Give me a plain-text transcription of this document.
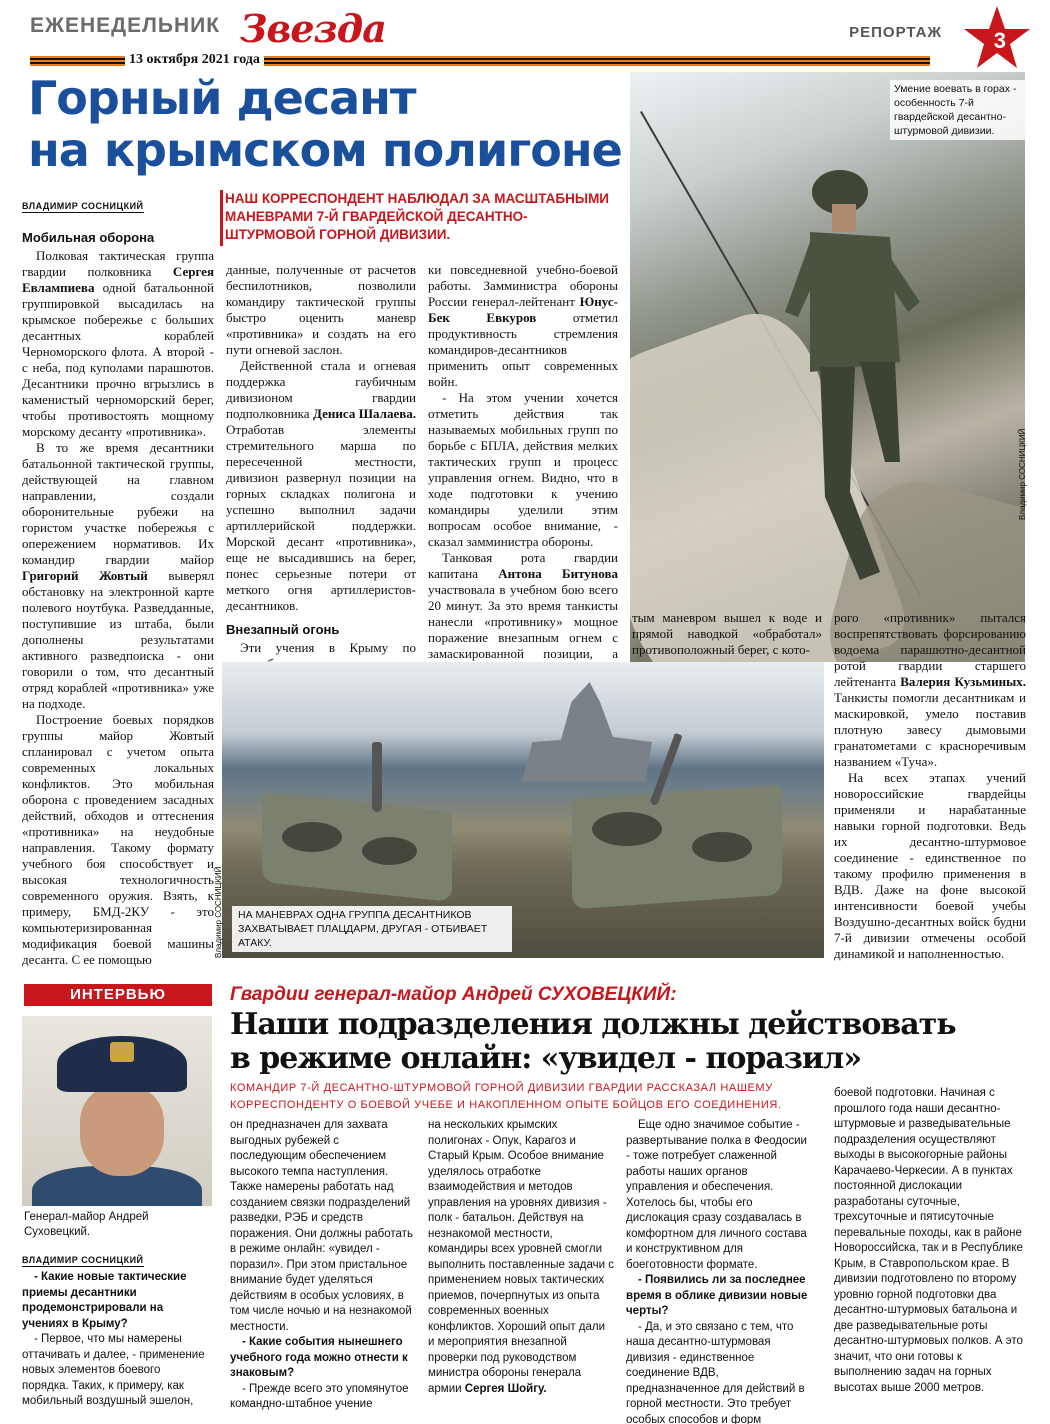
ЕЖЕНЕДЕЛЬНИК Звезда
13 октября 2021 года
РЕПОРТАЖ 3
Горный десант
на крымском полигоне
Умение воевать в горах - особенность 7-й гвардейской десантно-штурмовой дивизии.
Владимир СОСНИЦКИЙ
ВЛАДИМИР СОСНИЦКИЙ	НАШ КОРРЕСПОНДЕНТ НАБЛЮДАЛ ЗА МАСШТАБНЫМИ МАНЕВРАМИ 7-Й ГВАРДЕЙСКОЙ ДЕСАНТНО-ШТУРМОВОЙ ГОРНОЙ ДИВИЗИИ.

Мобильная оборона

Полковая тактическая группа гвардии полковника Сергея Евлампиева одной батальонной группировкой высадилась на крымское побережье с больших десантных кораблей Черноморского флота. А второй - с неба, под куполами парашютов. Десантники прочно вгрызлись в каменистый черноморский берег, чтобы противостоять мощному морскому десанту «противника».

В то же время десантники батальонной тактической группы, действующей на главном направлении, создали оборонительные рубежи на гористом участке побережья с опережением нормативов. Их командир гвардии майор Григорий Жовтый выверял обстановку на электронной карте полевого ноутбука. Разведданные, поступившие из штаба, были дополнены результатами активного разведпоиска - они говорили о том, что десантный отряд кораблей «противника» уже на подходе.

Построение боевых порядков группы майор Жовтый спланировал с учетом опыта современных локальных конфликтов. Это мобильная оборона с проведением засадных действий, обходов и оттеснения «противника» на неудобные направления. Такому формату учебного боя способствует и высокая технологичность современного оружия. Взять, к примеру, БМД-2КУ - это компьютеризированная модификация боевой машины десанта. С ее помощью

данные, полученные от расчетов беспилотников, позволили командиру тактической группы быстро оценить маневр «противника» и создать на его пути огневой заслон.

Действенной стала и огневая поддержка гаубичным дивизионом гвардии подполковника Дениса Шалаева. Отработав элементы стремительного марша по пересеченной местности, дивизион развернул позиции на горных складках полигона и успешно выполнил задачи артиллерийской поддержки. Морской десант «противника», еще не высадившись на берег, понес серьезные потери от меткого огня артиллеристов-десантников.

Внезапный огонь

Эти учения в Крыму по

ки повседневной учебно-боевой работы. Замминистра обороны России генерал-лейтенант Юнус-Бек Евкуров отметил продуктивность стремления командиров-десантников применить опыт современных войн.

- На этом учении хочется отметить действия так называемых мобильных групп по борьбе с БПЛА, действия мелких тактических групп и процесс управления огнем. Видно, что в ходе подготовки к учению командиры уделили этим вопросам особое внимание, - сказал замминистра обороны.

Танковая рота гвардии капитана Антона Битунова участвовала в учебном бою всего 20 минут. За это время танкисты нанесли «противнику» мощное поражение внезапным огнем с замаскированной позиции, а

тым маневром вышел к воде и прямой наводкой «обработал» противоположный берег, с кото-

рого «противник» пытался воспрепятствовать форсированию водоема парашютно-десантной ротой гвардии старшего лейтенанта Валерия Кузьминых. Танкисты помогли десантникам и маскировкой, умело поставив плотную завесу дымовыми гранатометами с красноречивым названием «Туча».

На всех этапах учений новороссийские гвардейцы применяли и нарабатанные навыки горной подготовки. Ведь их десантно-штурмовое соединение - единственное по такому профилю применения в ВДВ. Даже на фоне высокой интенсивности боевой учебы Воздушно-десантных войск будни 7-й дивизии отмечены особой динамикой и наполненностью.

НА МАНЕВРАХ ОДНА ГРУППА ДЕСАНТНИКОВ ЗАХВАТЫВАЕТ ПЛАЦДАРМ, ДРУГАЯ - ОТБИВАЕТ АТАКУ.
Владимир СОСНИЦКИЙ
ИНТЕРВЬЮ	Гвардии генерал-майор Андрей СУХОВЕЦКИЙ:
Наши подразделения должны действовать
в режиме онлайн: «увидел - поразил»
КОМАНДИР 7-Й ДЕСАНТНО-ШТУРМОВОЙ ГОРНОЙ ДИВИЗИИ ГВАРДИИ РАССКАЗАЛ НАШЕМУ КОРРЕСПОНДЕНТУ О БОЕВОЙ УЧЕБЕ И НАКОПЛЕННОМ ОПЫТЕ БОЙЦОВ ЕГО СОЕДИНЕНИЯ.
Генерал-майор Андрей Суховецкий.
ВЛАДИМИР СОСНИЦКИЙ

- Какие новые тактические приемы десантники продемонстрировали на учениях в Крыму?

- Первое, что мы намерены оттачивать и далее, - применение новых элементов боевого порядка. Таких, к примеру, как мобильный воздушный эшелон,

он предназначен для захвата выгодных рубежей с последующим обеспечением высокого темпа наступления. Также намерены работать над созданием связки подразделений разведки, РЭБ и средств поражения. Они должны работать в режиме онлайн: «увидел - поразил». При этом пристальное внимание будет уделяться действиям в особых условиях, в том числе ночью и на незнакомой местности.

- Какие события нынешнего учебного года можно отнести к знаковым?

- Прежде всего это упомянутое командно-штабное учение

на нескольких крымских полигонах - Опук, Карагоз и Старый Крым. Особое внимание уделялось отработке взаимодействия и методов управления на уровнях дивизия - полк - батальон. Действуя на незнакомой местности, командиры всех уровней смогли выполнить поставленные задачи с применением новых тактических приемов, почерпнутых из опыта современных военных конфликтов. Хороший опыт дали и мероприятия внезапной проверки под руководством министра обороны генерала армии Сергея Шойгу.

Еще одно значимое событие - развертывание полка в Феодосии - тоже потребует слаженной работы наших органов управления и обеспечения. Хотелось бы, чтобы его дислокация сразу создавалась в комфортном для личного состава и конструктивном для боеготовности формате.

- Появились ли за последнее время в облике дивизии новые черты?

- Да, и это связано с тем, что наша десантно-штурмовая дивизия - единственное соединение ВДВ, предназначенное для действий в горной местности. Это требует особых способов и форм

боевой подготовки. Начиная с прошлого года наши десантно-штурмовые и разведывательные подразделения осуществляют выходы в высокогорные районы Карачаево-Черкесии. А в пунктах постоянной дислокации разработаны суточные, трехсуточные и пятисуточные перевальные походы, как в районе Новороссийска, так и в Республике Крым, в Ставропольском крае. В дивизии подготовлено по второму уровню горной подготовки два десантно-штурмовых батальона и две разведывательные роты десантно-штурмовых полков. А это значит, что они готовы к выполнению задач на горных высотах выше 2000 метров.
